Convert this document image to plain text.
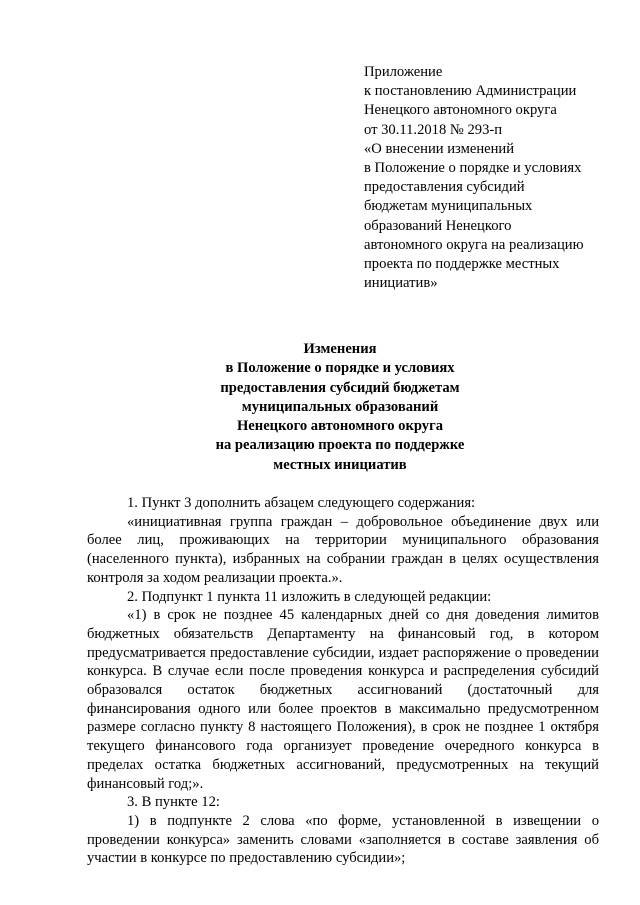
Приложение
к постановлению Администрации
Ненецкого автономного округа
от 30.11.2018 № 293-п
«О внесении изменений
в Положение о порядке и условиях
предоставления субсидий
бюджетам муниципальных
образований Ненецкого
автономного округа на реализацию
проекта по поддержке местных
инициатив»
Изменения
в Положение о порядке и условиях
предоставления субсидий бюджетам
муниципальных образований
Ненецкого автономного округа
на реализацию проекта по поддержке
местных инициатив

1. Пункт 3 дополнить абзацем следующего содержания:

«инициативная группа граждан – добровольное объединение двух или более лиц, проживающих на территории муниципального образования (населенного пункта), избранных на собрании граждан в целях осуществления контроля за ходом реализации проекта.».

2. Подпункт 1 пункта 11 изложить в следующей редакции:

«1) в срок не позднее 45 календарных дней со дня доведения лимитов бюджетных обязательств Департаменту на финансовый год, в котором предусматривается предоставление субсидии, издает распоряжение о проведении конкурса. В случае если после проведения конкурса и распределения субсидий образовался остаток бюджетных ассигнований (достаточный для финансирования одного или более проектов в максимально предусмотренном размере согласно пункту 8 настоящего Положения), в срок не позднее 1 октября текущего финансового года организует проведение очередного конкурса в пределах остатка бюджетных ассигнований, предусмотренных на текущий финансовый год;».

3. В пункте 12:

1) в подпункте 2 слова «по форме, установленной в извещении о проведении конкурса» заменить словами «заполняется в составе заявления об участии в конкурсе по предоставлению субсидии»;
